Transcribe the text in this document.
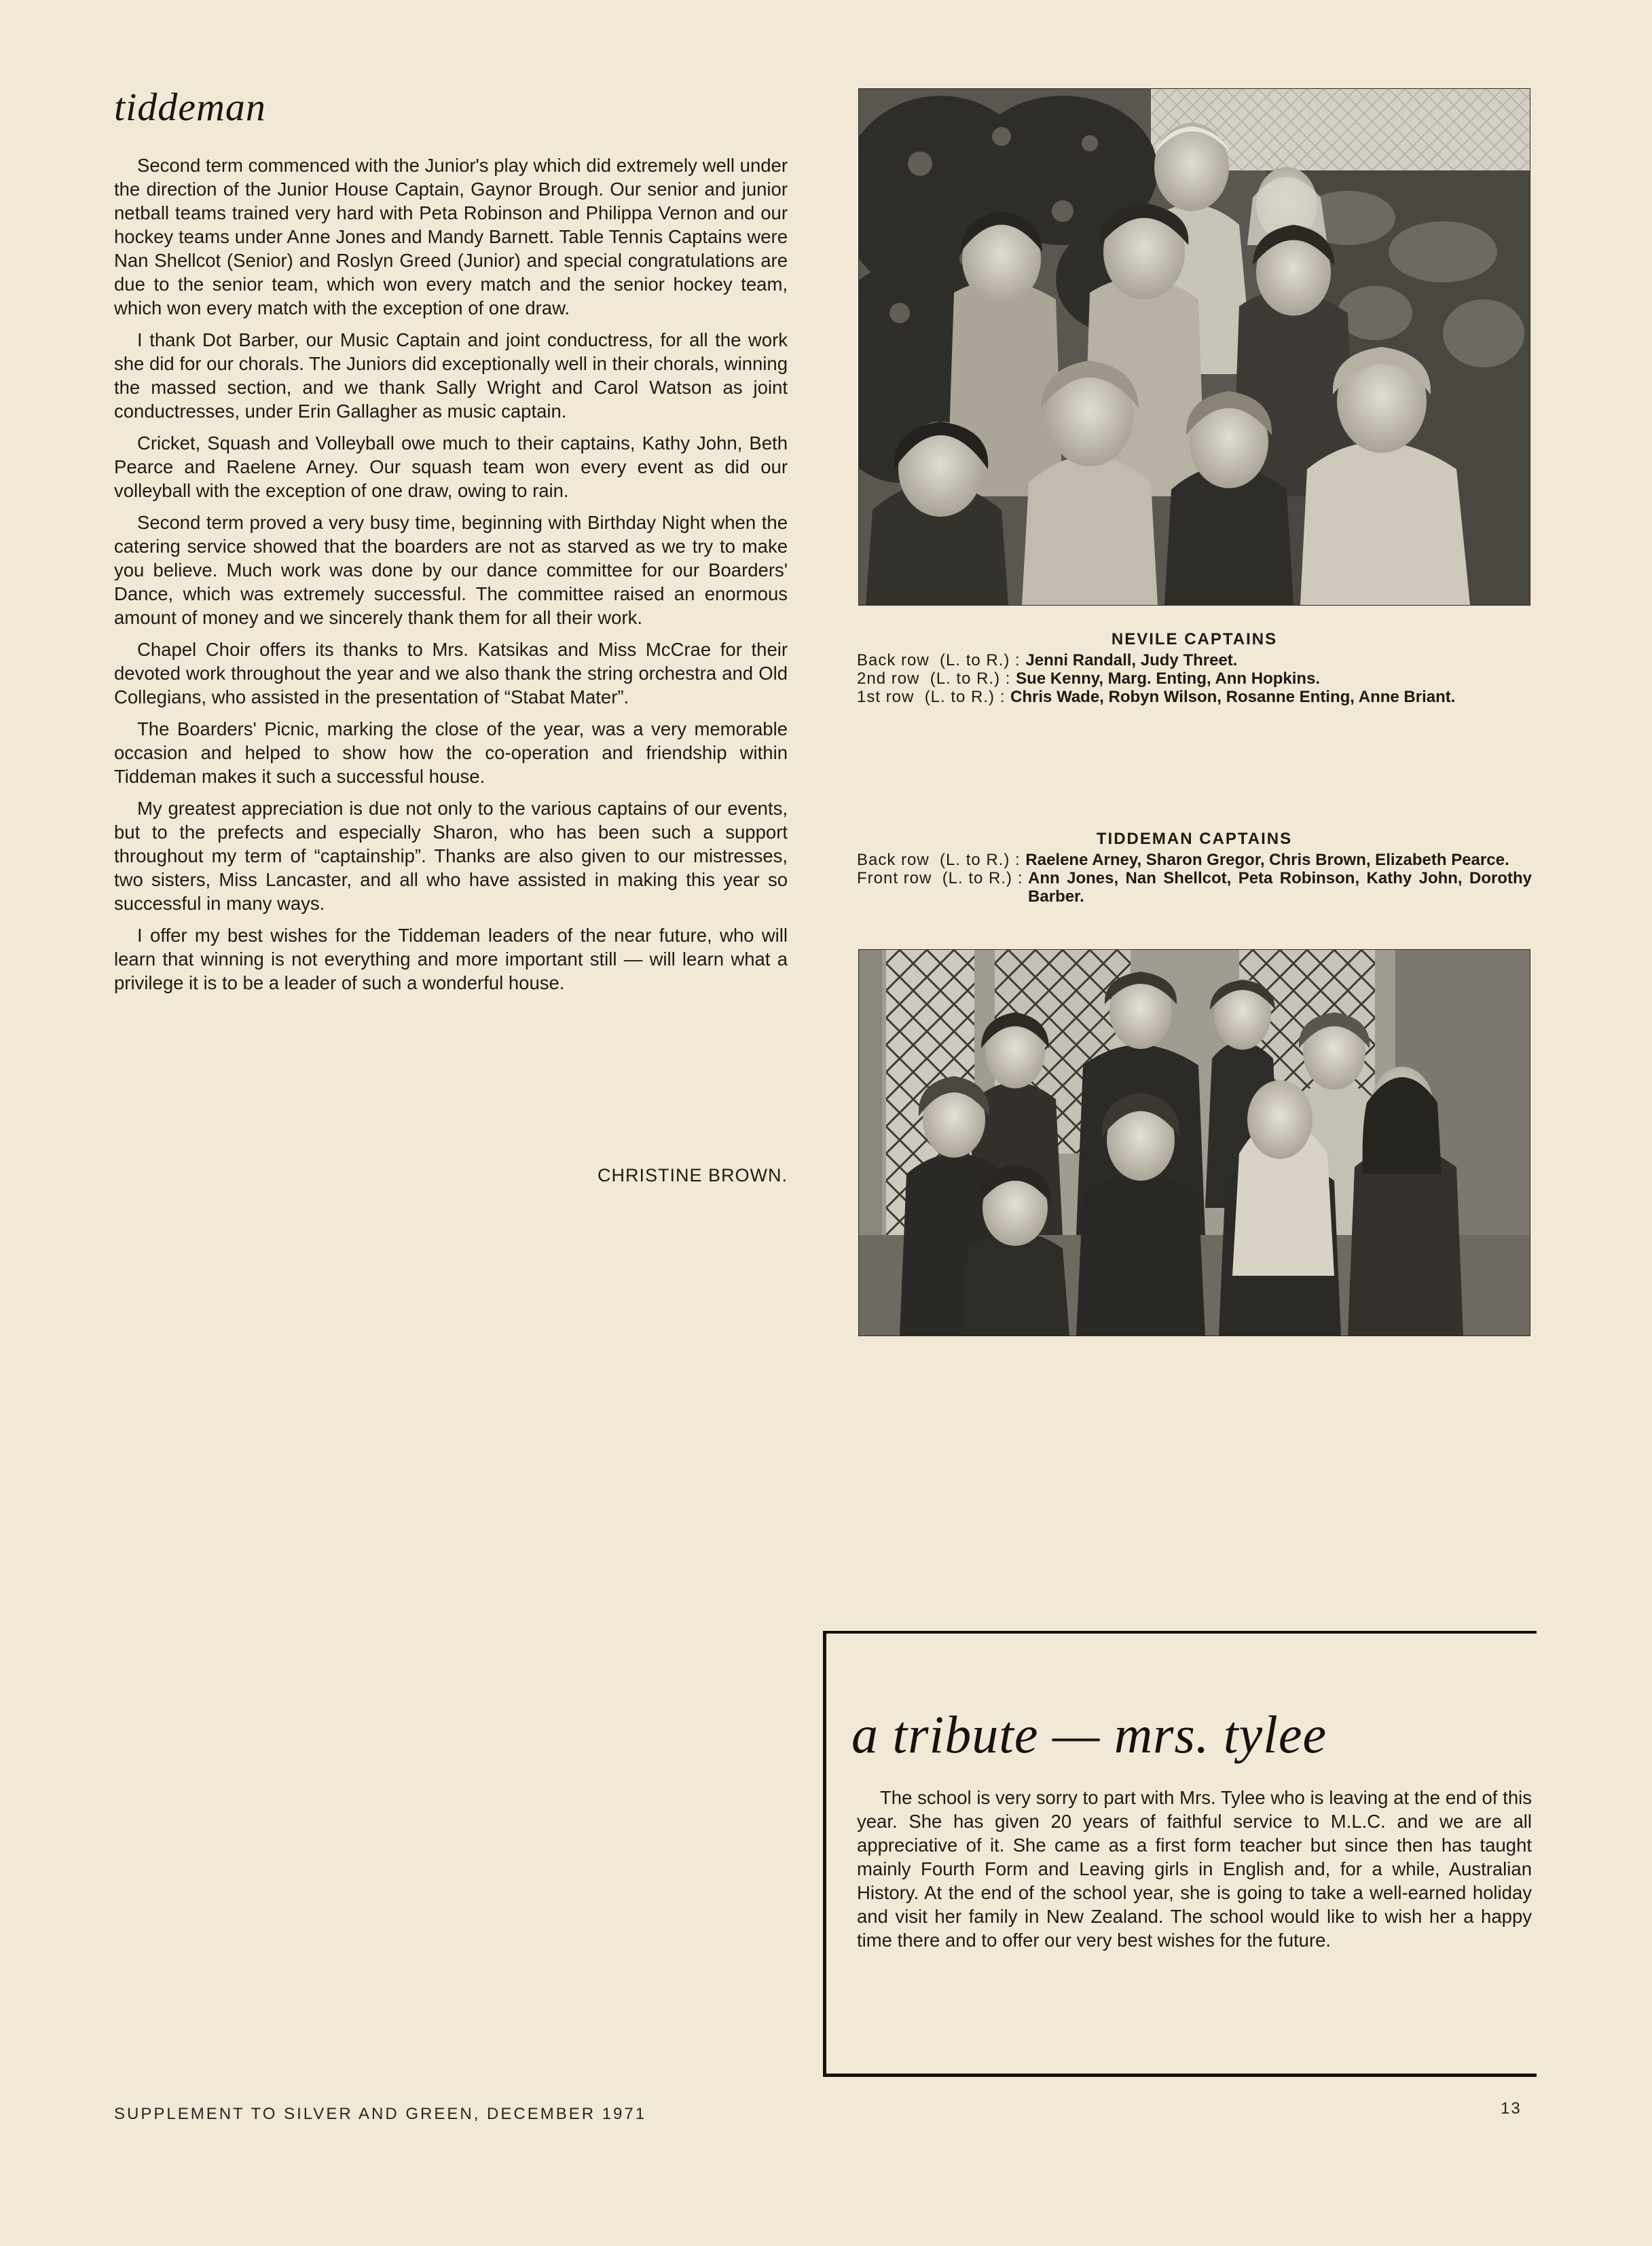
tiddeman

Second term commenced with the Junior's play which did extremely well under the direction of the Junior House Captain, Gaynor Brough. Our senior and junior netball teams trained very hard with Peta Robinson and Philippa Vernon and our hockey teams under Anne Jones and Mandy Barnett. Table Tennis Captains were Nan Shellcot (Senior) and Roslyn Greed (Junior) and special congratulations are due to the senior team, which won every match and the senior hockey team, which won every match with the exception of one draw.

I thank Dot Barber, our Music Captain and joint conductress, for all the work she did for our chorals. The Juniors did exceptionally well in their chorals, winning the massed section, and we thank Sally Wright and Carol Watson as joint conductresses, under Erin Gallagher as music captain.

Cricket, Squash and Volleyball owe much to their captains, Kathy John, Beth Pearce and Raelene Arney. Our squash team won every event as did our volleyball with the exception of one draw, owing to rain.

Second term proved a very busy time, beginning with Birthday Night when the catering service showed that the boarders are not as starved as we try to make you believe. Much work was done by our dance committee for our Boarders' Dance, which was extremely successful. The committee raised an enormous amount of money and we sincerely thank them for all their work.

Chapel Choir offers its thanks to Mrs. Katsikas and Miss McCrae for their devoted work throughout the year and we also thank the string orchestra and Old Collegians, who assisted in the presentation of “Stabat Mater”.

The Boarders' Picnic, marking the close of the year, was a very memorable occasion and helped to show how the co-operation and friendship within Tiddeman makes it such a successful house.

My greatest appreciation is due not only to the various captains of our events, but to the prefects and especially Sharon, who has been such a support throughout my term of “captainship”. Thanks are also given to our mistresses, two sisters, Miss Lancaster, and all who have assisted in making this year so successful in many ways.

I offer my best wishes for the Tiddeman leaders of the near future, who will learn that winning is not everything and more important still — will learn what a privilege it is to be a leader of such a wonderful house.

CHRISTINE BROWN.
NEVILE CAPTAINS
Back row  (L. to R.) : Jenni Randall, Judy Threet.
2nd row  (L. to R.) : Sue Kenny, Marg. Enting, Ann Hopkins.
1st row  (L. to R.) : Chris Wade, Robyn Wilson, Rosanne Enting, Anne Briant.
TIDDEMAN CAPTAINS
Back row  (L. to R.) : Raelene Arney, Sharon Gregor, Chris Brown, Elizabeth Pearce.
Front row  (L. to R.) : Ann Jones, Nan Shellcot, Peta Robinson, Kathy John, Dorothy Barber.
a tribute — mrs. tylee

The school is very sorry to part with Mrs. Tylee who is leaving at the end of this year. She has given 20 years of faithful service to M.L.C. and we are all appreciative of it. She came as a first form teacher but since then has taught mainly Fourth Form and Leaving girls in English and, for a while, Australian History. At the end of the school year, she is going to take a well-earned holiday and visit her family in New Zealand. The school would like to wish her a happy time there and to offer our very best wishes for the future.

SUPPLEMENT TO SILVER AND GREEN, DECEMBER 1971	13
